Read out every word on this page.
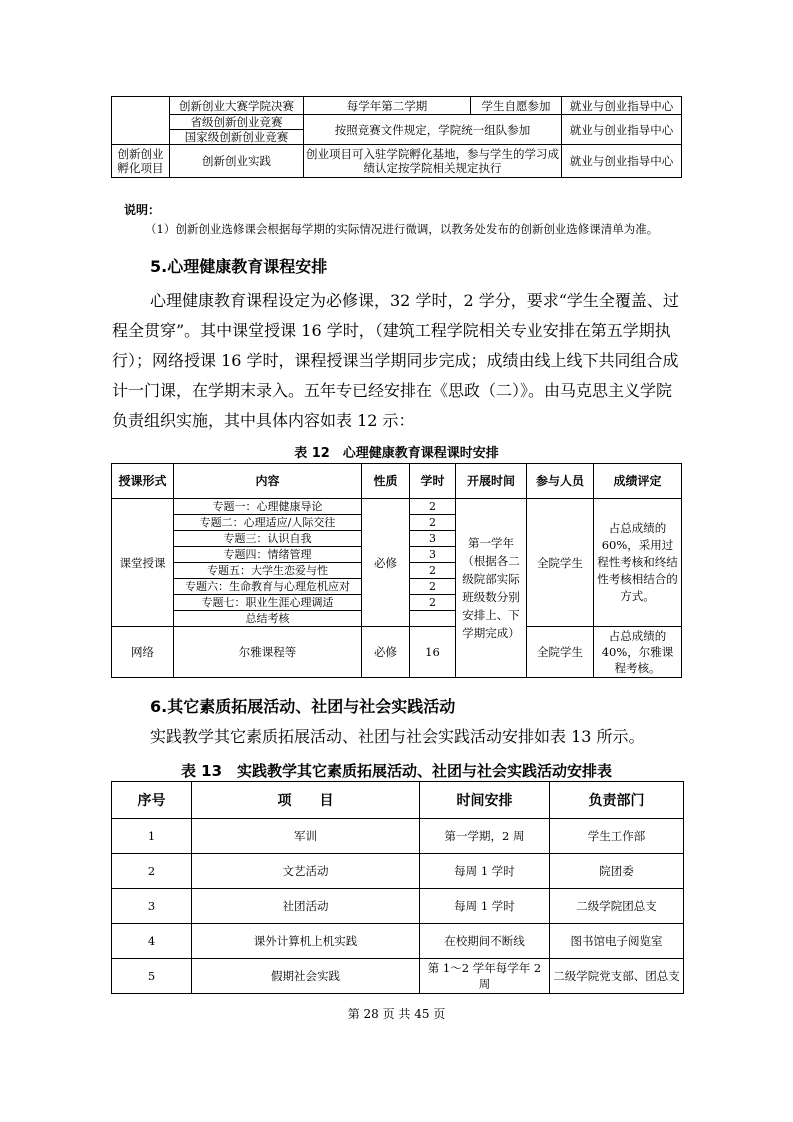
	创新创业大赛学院决赛	每学年第二学期	学生自愿参加	就业与创业指导中心
	省级创新创业竞赛	按照竞赛文件规定，学院统一组队参加		就业与创业指导中心
	国家级创新创业竞赛			
创新创业孵化项目	创新创业实践	创业项目可入驻学院孵化基地，参与学生的学习成绩认定按学院相关规定执行		就业与创业指导中心
说明：
（1）创新创业选修课会根据每学期的实际情况进行微调，以教务处发布的创新创业选修课清单为准。
5.心理健康教育课程安排
心理健康教育课程设定为必修课，32 学时，2 学分，要求“学生全覆盖、过程全贯穿”。其中课堂授课 16 学时，（建筑工程学院相关专业安排在第五学期执行）；网络授课 16 学时，课程授课当学期同步完成；成绩由线上线下共同组合成计一门课，在学期末录入。五年专已经安排在《思政（二）》。由马克思主义学院负责组织实施，其中具体内容如表 12 示：
表 12　心理健康教育课程课时安排
授课形式	内容	性质	学时	开展时间	参与人员	成绩评定
课堂授课	专题一：心理健康导论	必修	2	第一学年（根据各二级院部实际班级数分别安排上、下学期完成）	全院学生	占总成绩的60%，采用过程性考核和终结性考核相结合的方式。
	专题二：心理适应/人际交往		2			
	专题三：认识自我		3			
	专题四：情绪管理		3			
	专题五：大学生恋爱与性		2			
	专题六：生命教育与心理危机应对		2			
	专题七：职业生涯心理调适		2			
	总结考核					
网络	尔雅课程等	必修	16		全院学生	占总成绩的40%，尔雅课程考核。
6.其它素质拓展活动、社团与社会实践活动
实践教学其它素质拓展活动、社团与社会实践活动安排如表 13 所示。
表 13　实践教学其它素质拓展活动、社团与社会实践活动安排表
序号	项　　目	时间安排	负责部门
1	军训	第一学期，2 周	学生工作部
2	文艺活动	每周 1 学时	院团委
3	社团活动	每周 1 学时	二级学院团总支
4	课外计算机上机实践	在校期间不断线	图书馆电子阅览室
5	假期社会实践	第 1～2 学年每学年 2 周	二级学院党支部、团总支
第 28 页 共 45 页
